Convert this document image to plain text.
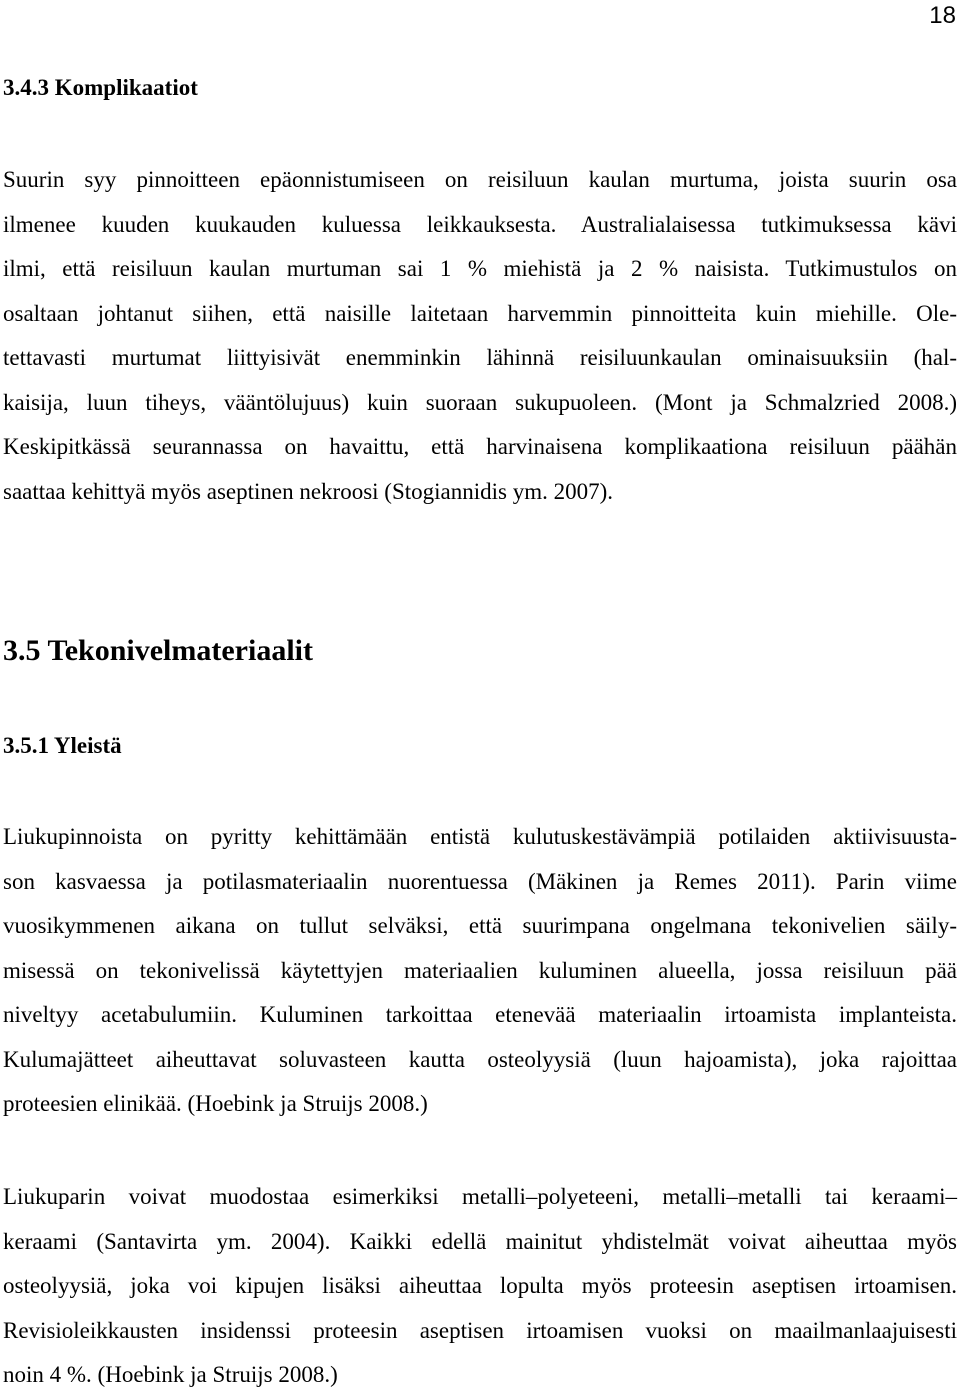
18
3.4.3 Komplikaatiot

Suurin syy pinnoitteen epäonnistumiseen on reisiluun kaulan murtuma, joista suurin osa
ilmenee kuuden kuukauden kuluessa leikkauksesta. Australialaisessa tutkimuksessa kävi
ilmi, että reisiluun kaulan murtuman sai 1 % miehistä ja 2 % naisista. Tutkimustulos on
osaltaan johtanut siihen, että naisille laitetaan harvemmin pinnoitteita kuin miehille. Ole-
tettavasti murtumat liittyisivät enemminkin lähinnä reisiluunkaulan ominaisuuksiin (hal-
kaisija, luun tiheys, vääntölujuus) kuin suoraan sukupuoleen. (Mont ja Schmalzried 2008.)
Keskipitkässä seurannassa on havaittu, että harvinaisena komplikaationa reisiluun päähän
saattaa kehittyä myös aseptinen nekroosi (Stogiannidis ym. 2007).

3.5 Tekonivelmateriaalit
3.5.1 Yleistä

Liukupinnoista on pyritty kehittämään entistä kulutuskestävämpiä potilaiden aktiivisuusta-
son kasvaessa ja potilasmateriaalin nuorentuessa (Mäkinen ja Remes 2011). Parin viime
vuosikymmenen aikana on tullut selväksi, että suurimpana ongelmana tekonivelien säily-
misessä on tekonivelissä käytettyjen materiaalien kuluminen alueella, jossa reisiluun pää
niveltyy acetabulumiin. Kuluminen tarkoittaa etenevää materiaalin irtoamista implanteista.
Kulumajätteet aiheuttavat soluvasteen kautta osteolyysiä (luun hajoamista), joka rajoittaa
proteesien elinikää. (Hoebink ja Struijs 2008.)

Liukuparin voivat muodostaa esimerkiksi metalli–polyeteeni, metalli–metalli tai keraami–
keraami (Santavirta ym. 2004). Kaikki edellä mainitut yhdistelmät voivat aiheuttaa myös
osteolyysiä, joka voi kipujen lisäksi aiheuttaa lopulta myös proteesin aseptisen irtoamisen.
Revisioleikkausten insidenssi proteesin aseptisen irtoamisen vuoksi on maailmanlaajuisesti
noin 4 %. (Hoebink ja Struijs 2008.)
